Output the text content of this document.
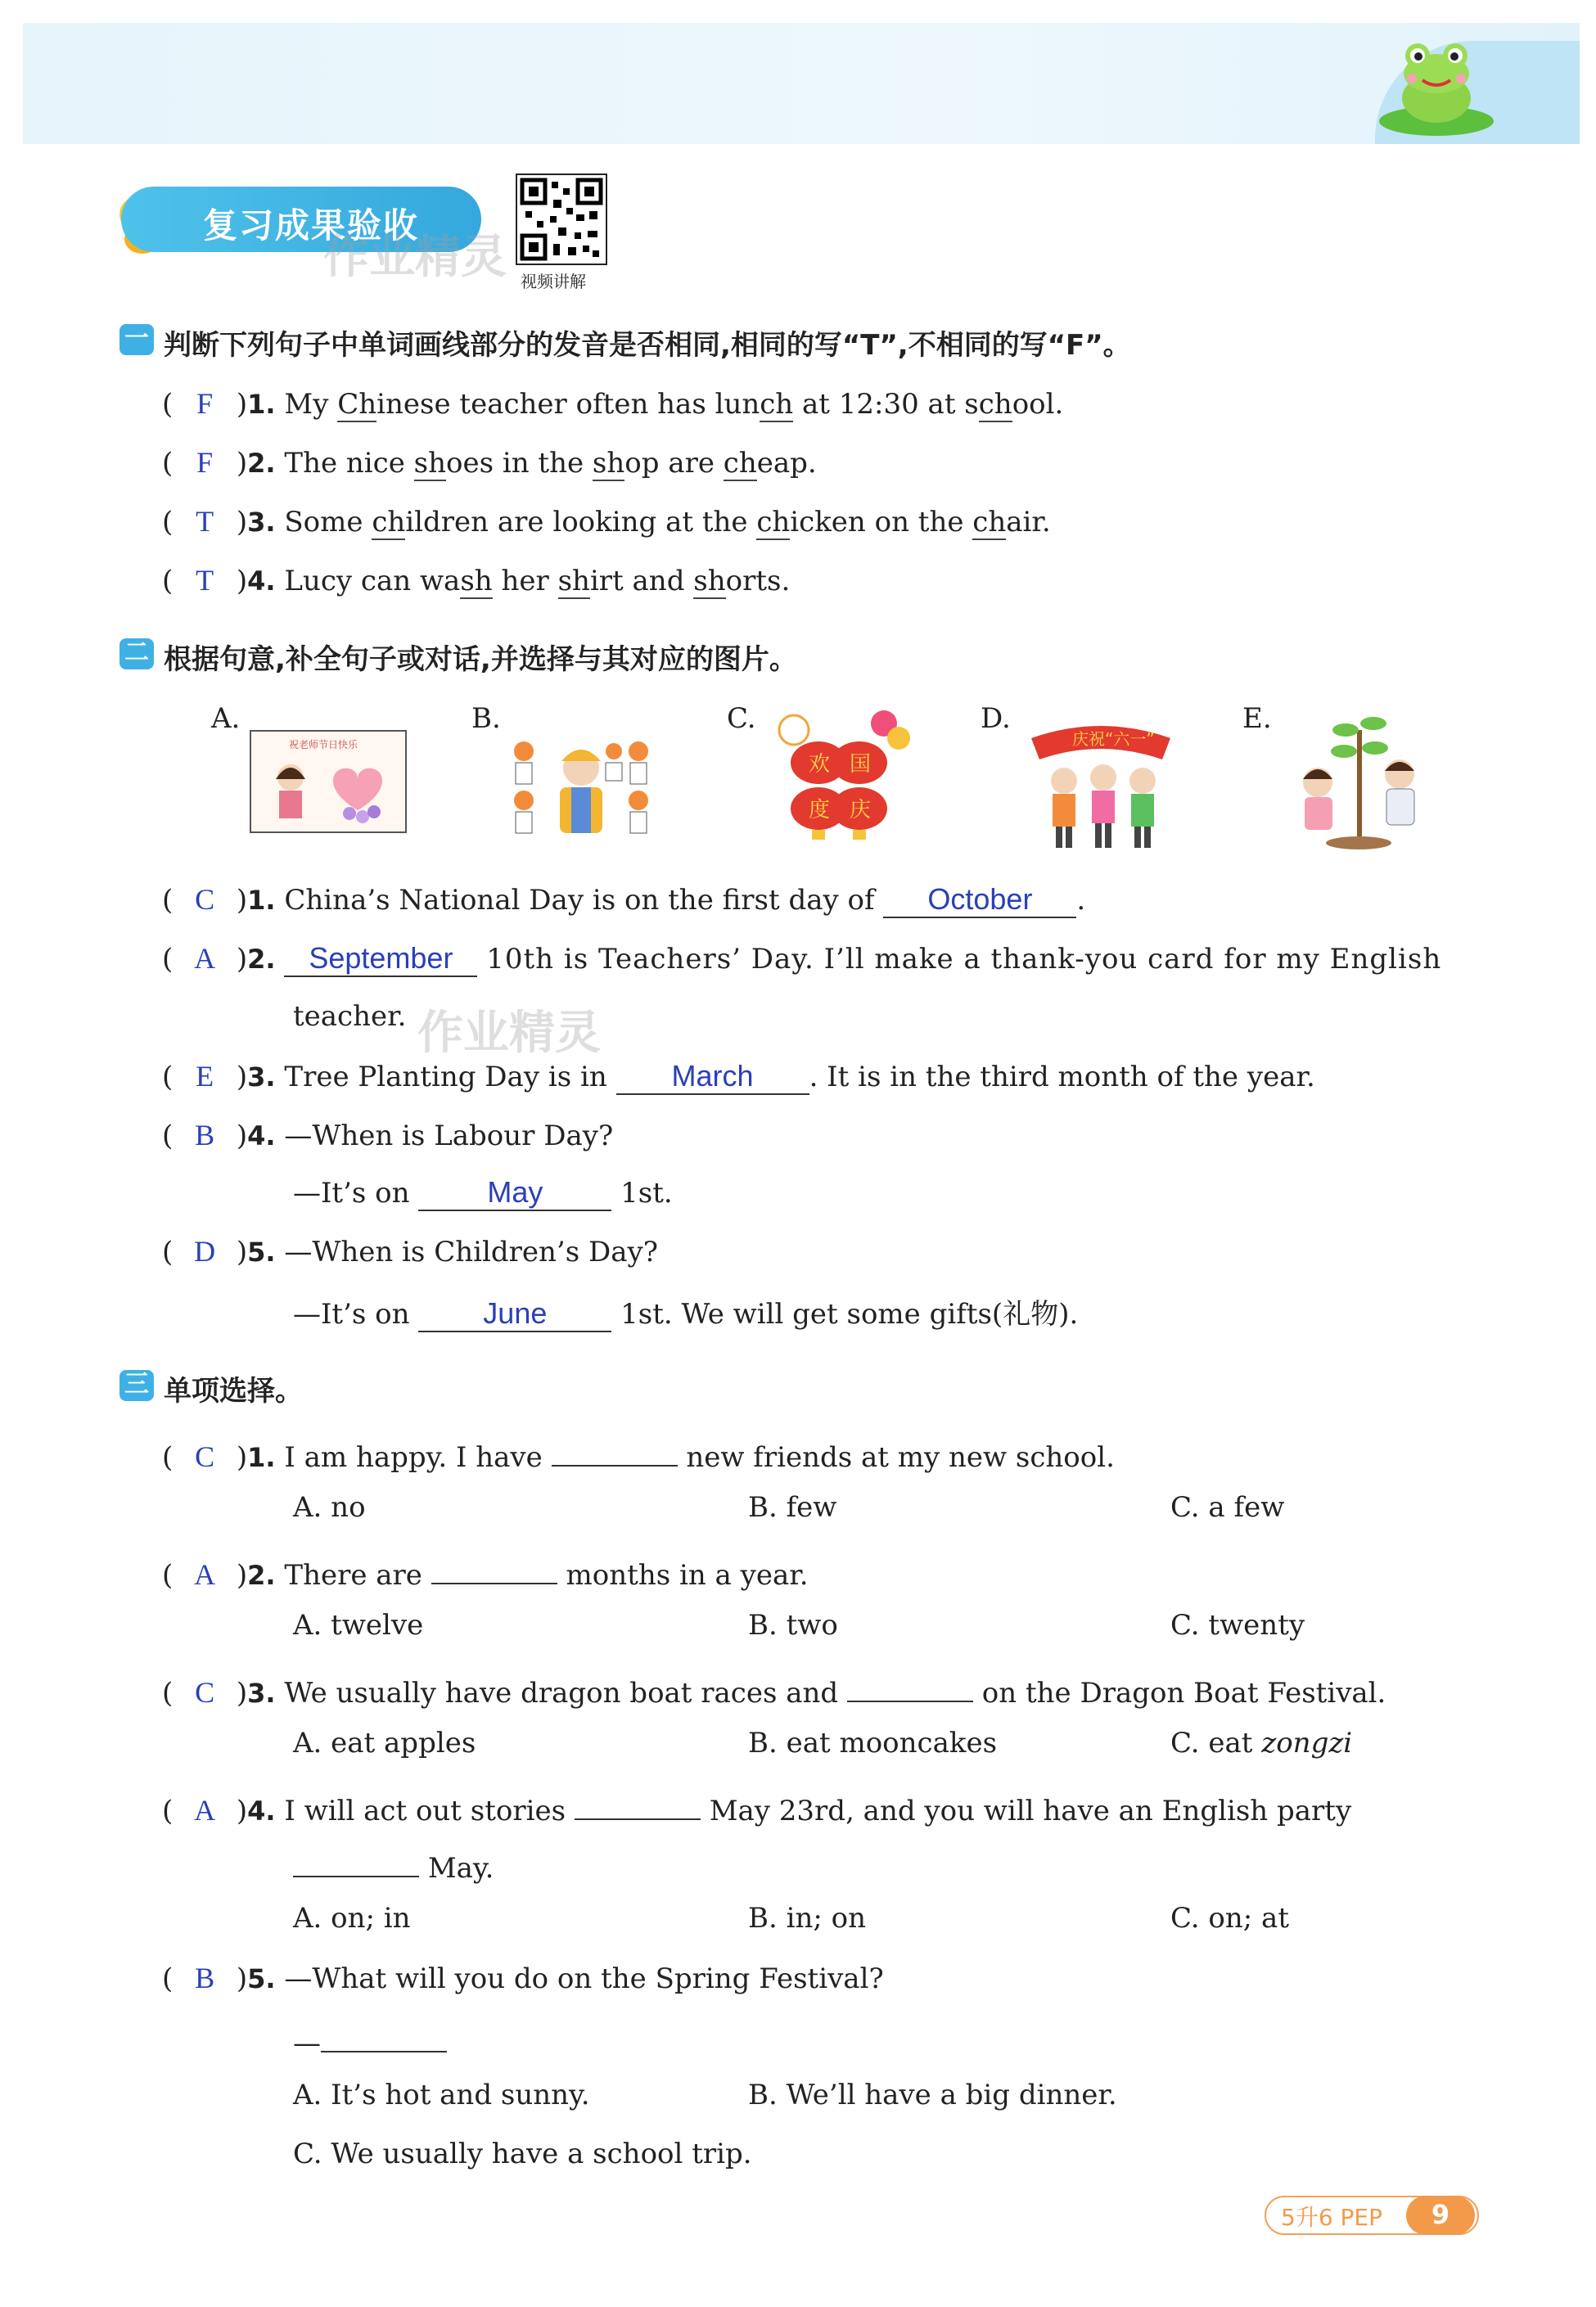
复习成果验收
作业精灵 视频讲解
一 判断下列句子中单词画线部分的发音是否相同,相同的写“T”,不相同的写“F”。
( F )1. My Chinese teacher often has lunch at 12:30 at school.
( F )2. The nice shoes in the shop are cheap.
( T )3. Some children are looking at the chicken on the chair.
( T )4. Lucy can wash her shirt and shorts.
二 根据句意,补全句子或对话,并选择与其对应的图片。
A.
祝老师节日快乐
B.	C.
欢 国
度 庆
D.
庆祝“六一”
E.
( C )1. China’s National Day is on the first day of October .
( A )2. September 10th is Teachers’ Day. I’ll make a thank-you card for my English
teacher. 作业精灵
( E )3. Tree Planting Day is in March . It is in the third month of the year.
( B )4. —When is Labour Day?
—It’s on	May	1st.
( D )5. —When is Children’s Day?
—It’s on June	1st. We will get some gifts(礼物).
三 单项选择。
( C )1. I am happy. I have	new friends at my new school.
A. no	B. few	C. a few
( A )2. There are	months in a year.
A. twelve	B. two	C. twenty
( C )3. We usually have dragon boat races and	on the Dragon Boat Festival.
A. eat apples	B. eat mooncakes	C. eat zongzi
( A )4. I will act out stories	May 23rd, and you will have an English party
May.
A. on; in	B. in; on	C. on; at
( B )5. —What will you do on the Spring Festival?
—
A. It’s hot and sunny.	B. We’ll have a big dinner.
C. We usually have a school trip.
5升6 PEP	9
